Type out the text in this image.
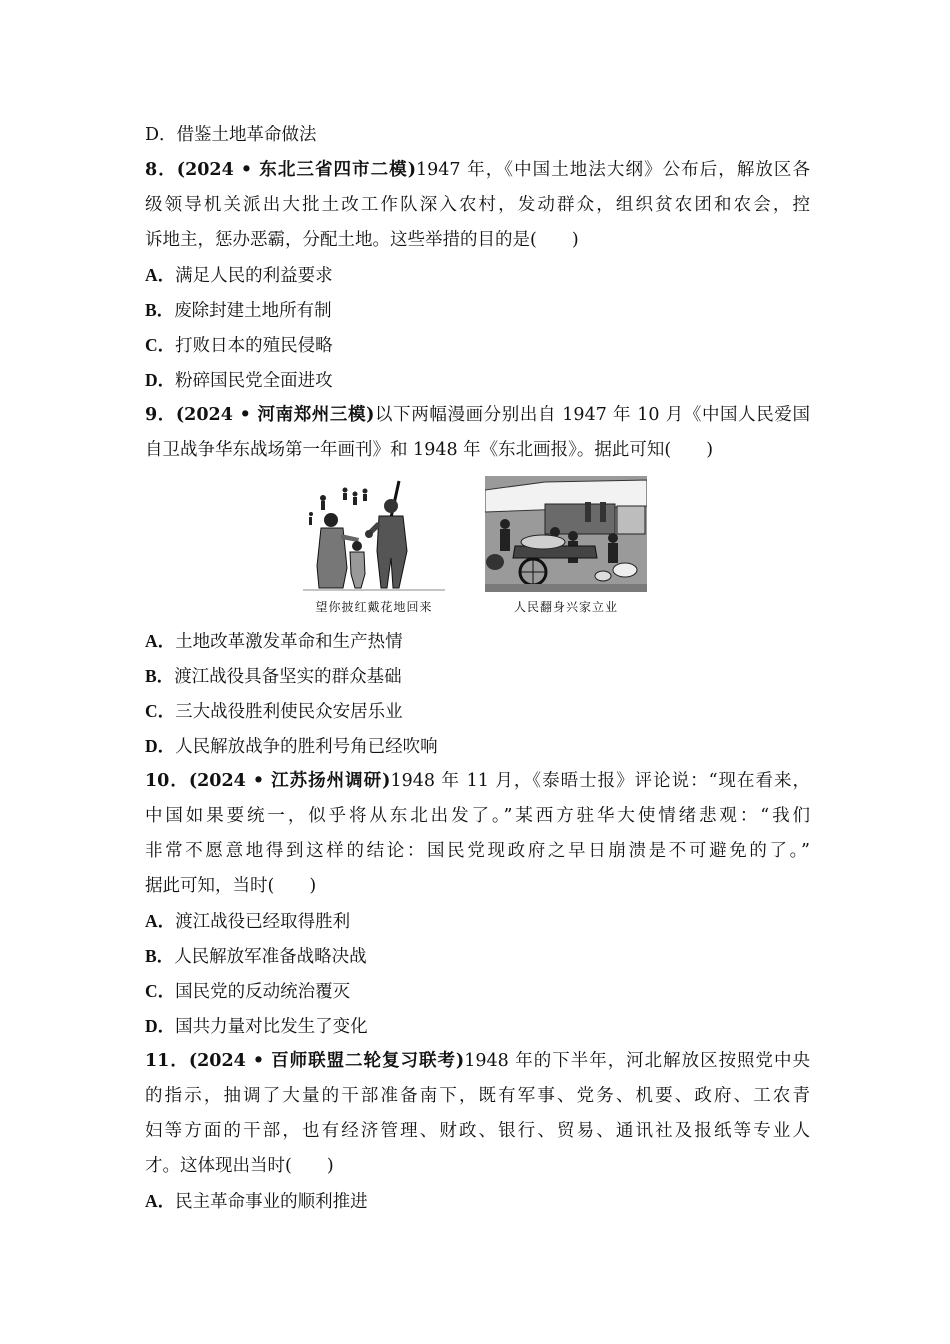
D．借鉴土地革命做法
8．(2024 • 东北三省四市二模)1947 年，《中国土地法大纲》公布后，解放区各
级领导机关派出大批土改工作队深入农村，发动群众，组织贫农团和农会，控
诉地主，惩办恶霸，分配土地。这些举措的目的是(　　)
A．满足人民的利益要求
B．废除封建土地所有制
C．打败日本的殖民侵略
D．粉碎国民党全面进攻
9．(2024 • 河南郑州三模)以下两幅漫画分别出自 1947 年 10 月《中国人民爱国
自卫战争华东战场第一年画刊》和 1948 年《东北画报》。据此可知(　　)
望你披红戴花地回来	人民翻身兴家立业
A．土地改革激发革命和生产热情
B．渡江战役具备坚实的群众基础
C．三大战役胜利使民众安居乐业
D．人民解放战争的胜利号角已经吹响
10．(2024 • 江苏扬州调研)1948 年 11 月，《泰晤士报》评论说：“现在看来，
中国如果要统一，似乎将从东北出发了。”某西方驻华大使情绪悲观：“我们
非常不愿意地得到这样的结论：国民党现政府之早日崩溃是不可避免的了。”
据此可知，当时(　　)
A．渡江战役已经取得胜利
B．人民解放军准备战略决战
C．国民党的反动统治覆灭
D．国共力量对比发生了变化
11．(2024 • 百师联盟二轮复习联考)1948 年的下半年，河北解放区按照党中央
的指示，抽调了大量的干部准备南下，既有军事、党务、机要、政府、工农青
妇等方面的干部，也有经济管理、财政、银行、贸易、通讯社及报纸等专业人
才。这体现出当时(　　)
A．民主革命事业的顺利推进
